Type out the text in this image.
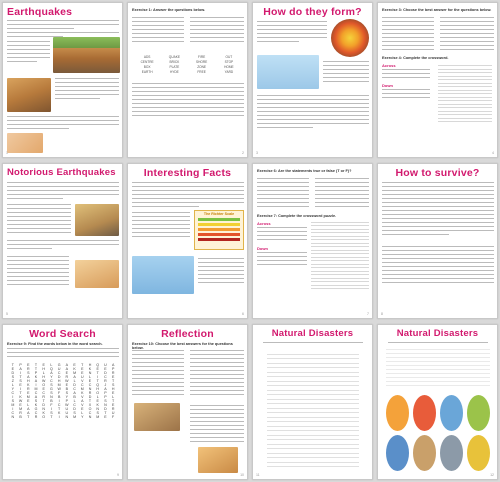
Earthquakes
1
Exercise 1: Answer the questions below.
ADS	QUAKE	FIRE	OUT
CENTRE	BRICK	SHORE	STOP
BOX	PLATE	ZONE	HOME
EARTH	HYDE	FREE	YARD
2
How do they form?
3
Exercise 3: Choose the best answer for the questions below.
Exercise 4: Complete the crossword.
Across
Down
4
Notorious Earthquakes
5
Interesting Facts
The Richter Scale
6
Exercise 6: Are the statements true or false (T or F)?
Exercise 7: Complete the crossword puzzle.
Across
Down
7
How to survive?
8
Word Search
Exercise 9: Find the words below in the word search.
T	P	E	T	E	L	G	A	E	T	H	Q	U	A
E	A	R	T	H	Q	U	A	K	E	K	E	E	P
D	I	S	P	L	A	C	E	M	E	N	T	D	R
S	T	A	K	H	Y	D	R	A	U	L	I	C	E
Z	S	H	A	W	C	H	W	L	V	E	T	R	T
L	E	K	I	O	S	M	E	D	C	C	Q	J	S
Y	I	R	M	E	G	W	B	C	M	N	H	A	H
C	T	E	C	C	S	F	S	A	K	R	O	P	E
I	K	M	A	R	N	B	Y	B	V	D	L	P	L
S	W	E	S	T	B	I	P	L	A	T	E	S	T
M	E	L	K	D	F	C	W	C	V	X	K	N	E
I	M	A	G	N	I	T	U	D	E	O	N	D	R
C	R	A	C	K	S	K	U	S	L	C	S	T	U
N	B	T	R	O	T	I	N	M	Y	N	M	E	F
9
Reflection
Exercise 10: Choose the best answers for the questions below.
10
Natural Disasters
11
Natural Disasters
12
